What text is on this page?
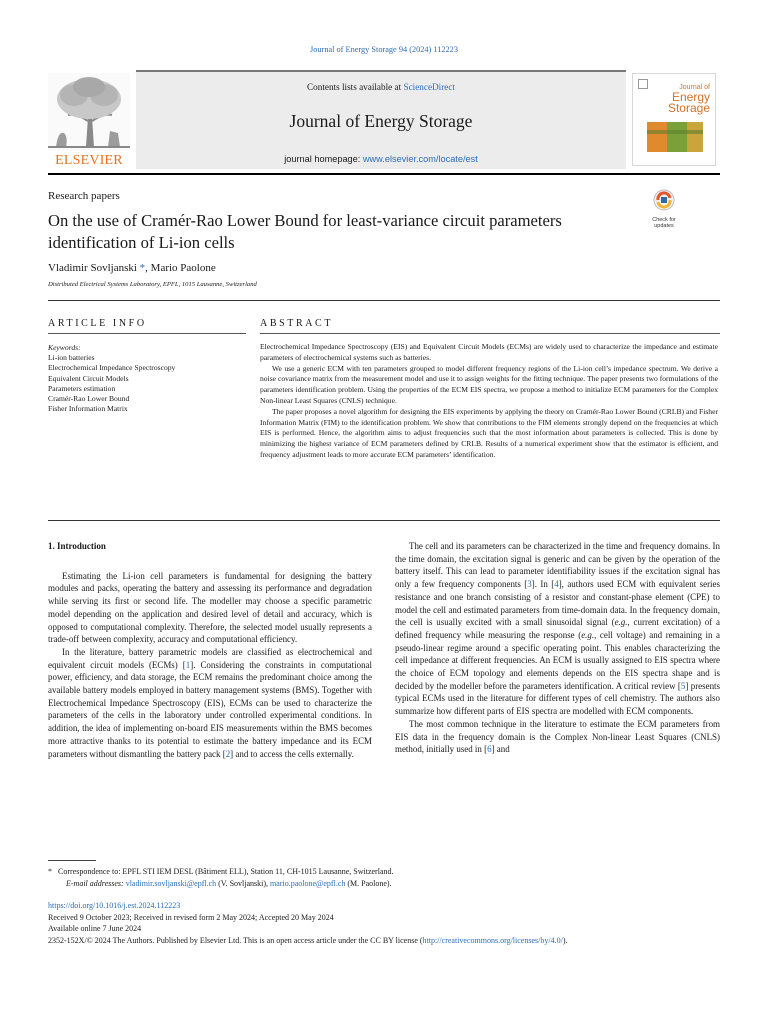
Journal of Energy Storage 94 (2024) 112223
ELSEVIER
Contents lists available at ScienceDirect
Journal of Energy Storage
journal homepage: www.elsevier.com/locate/est
Journal of
Energy
Storage
Research papers
On the use of Cramér-Rao Lower Bound for least-variance circuit parameters
identification of Li-ion cells
Check for updates
Vladimir Sovljanski *, Mario Paolone
Distributed Electrical Systems Laboratory, EPFL, 1015 Lausanne, Switzerland
ARTICLE INFO	ABSTRACT
Keywords:
Li-ion batteries
Electrochemical Impedance Spectroscopy
Equivalent Circuit Models
Parameters estimation
Cramér-Rao Lower Bound
Fisher Information Matrix

Electrochemical Impedance Spectroscopy (EIS) and Equivalent Circuit Models (ECMs) are widely used to characterize the impedance and estimate parameters of electrochemical systems such as batteries.

We use a generic ECM with ten parameters grouped to model different frequency regions of the Li-ion cell’s impedance spectrum. We derive a noise covariance matrix from the measurement model and use it to assign weights for the fitting technique. The paper presents two formulations of the parameters identification problem. Using the properties of the ECM EIS spectra, we propose a method to initialize ECM parameters for the Complex Non-linear Least Squares (CNLS) technique.

The paper proposes a novel algorithm for designing the EIS experiments by applying the theory on Cramér-Rao Lower Bound (CRLB) and Fisher Information Matrix (FIM) to the identification problem. We show that contributions to the FIM elements strongly depend on the frequencies at which EIS is performed. Hence, the algorithm aims to adjust frequencies such that the most information about parameters is collected. This is done by minimizing the highest variance of ECM parameters defined by CRLB. Results of a numerical experiment show that the estimator is efficient, and frequency adjustment leads to more accurate ECM parameters’ identification.

1. Introduction

Estimating the Li-ion cell parameters is fundamental for designing the battery modules and packs, operating the battery and assessing its performance and degradation while serving its first or second life. The modeller may choose a specific parametric model depending on the application and desired level of detail and accuracy, which is opposed to computational complexity. Therefore, the selected model usually represents a trade-off between complexity, accuracy and computational efficiency.

In the literature, battery parametric models are classified as electrochemical and equivalent circuit models (ECMs) [1]. Considering the constraints in computational power, efficiency, and data storage, the ECM remains the predominant choice among the available battery models employed in battery management systems (BMS). Together with Electrochemical Impedance Spectroscopy (EIS), ECMs can be used to characterize the parameters of the cells in the laboratory under controlled experimental conditions. In addition, the idea of implementing on-board EIS measurements within the BMS becomes more attractive thanks to its potential to estimate the battery impedance and its ECM parameters without dismantling the battery pack [2] and to access the cells externally.

The cell and its parameters can be characterized in the time and frequency domains. In the time domain, the excitation signal is generic and can be given by the operation of the battery itself. This can lead to parameter identifiability issues if the excitation signal has only a few frequency components [3]. In [4], authors used ECM with equivalent series resistance and one branch consisting of a resistor and constant-phase element (CPE) to model the cell and estimated parameters from time-domain data. In the frequency domain, the cell is usually excited with a small sinusoidal signal (e.g., current excitation) of a defined frequency while measuring the response (e.g., cell voltage) and remaining in a pseudo-linear regime around a specific operating point. This enables characterizing the cell impedance at different frequencies. An ECM is usually assigned to EIS spectra where the choice of ECM topology and elements depends on the EIS spectra shape and is decided by the modeller before the parameters identification. A critical review [5] presents typical ECMs used in the literature for different types of cell chemistry. The authors also summarize how different parts of EIS spectra are modelled with ECM components.

The most common technique in the literature to estimate the ECM parameters from EIS data in the frequency domain is the Complex Non-linear Least Squares (CNLS) method, initially used in [6] and

* Correspondence to: EPFL STI IEM DESL (Bâtiment ELL), Station 11, CH-1015 Lausanne, Switzerland.
E-mail addresses: vladimir.sovljanski@epfl.ch (V. Sovljanski), mario.paolone@epfl.ch (M. Paolone).
https://doi.org/10.1016/j.est.2024.112223
Received 9 October 2023; Received in revised form 2 May 2024; Accepted 20 May 2024
Available online 7 June 2024
2352-152X/© 2024 The Authors. Published by Elsevier Ltd. This is an open access article under the CC BY license (http://creativecommons.org/licenses/by/4.0/).
